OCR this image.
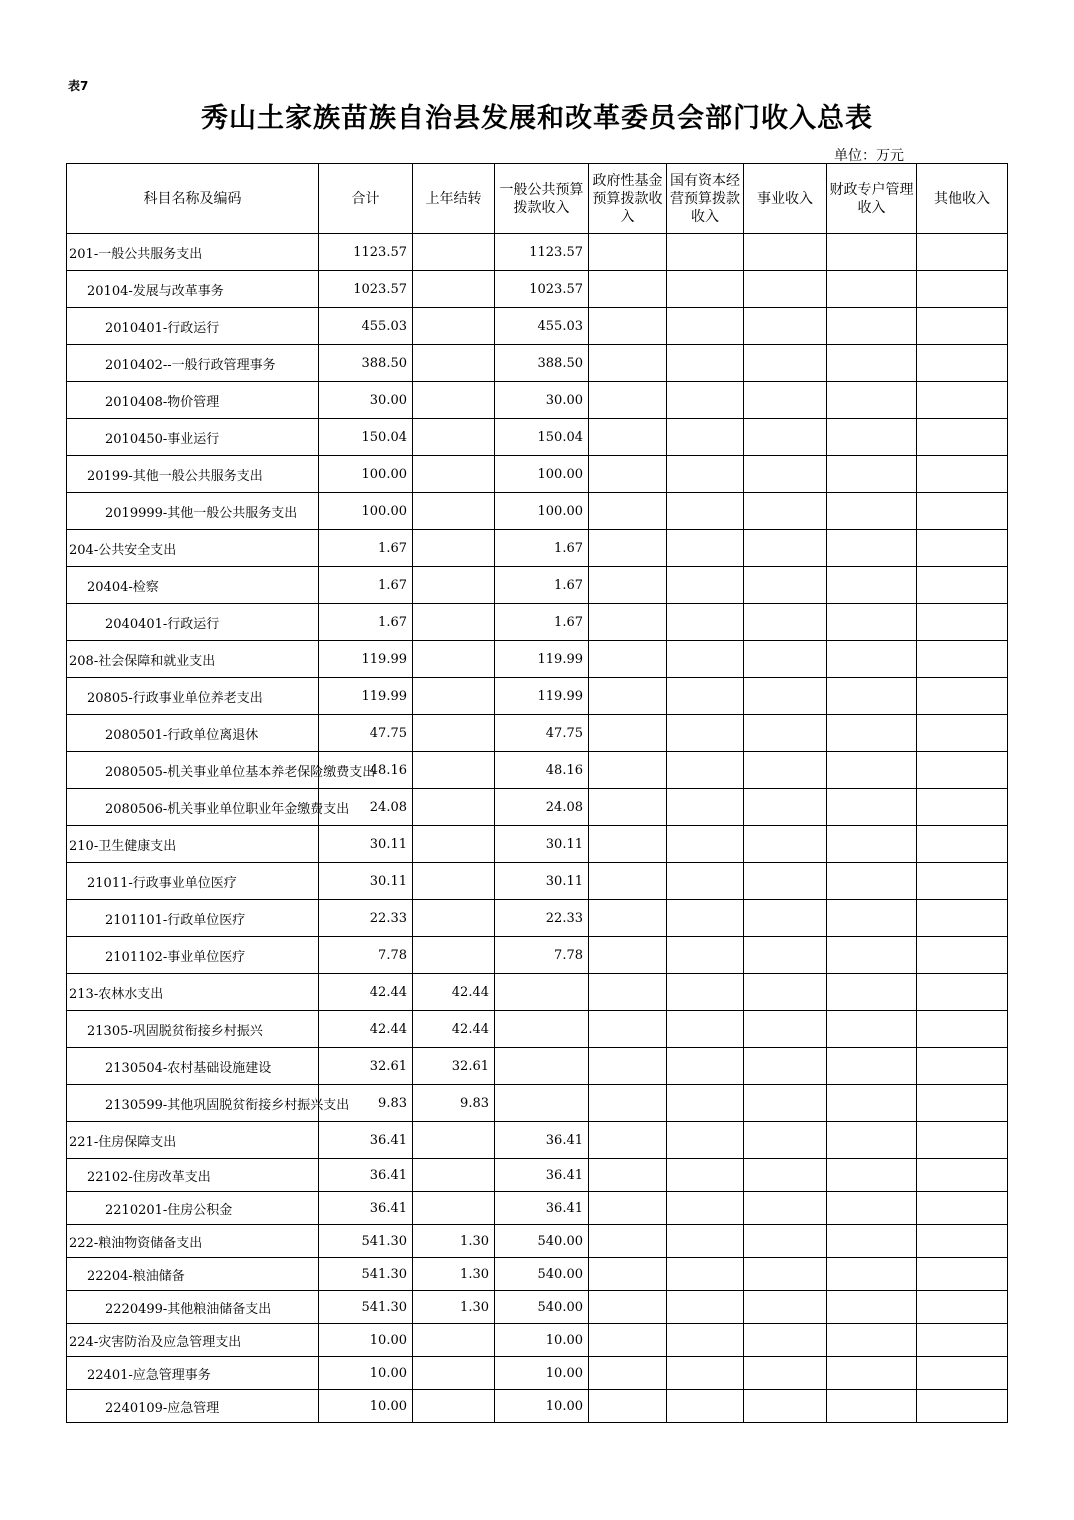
表7
秀山土家族苗族自治县发展和改革委员会部门收入总表
单位：万元
科目名称及编码	合计	上年结转	一般公共预算拨款收入	政府性基金预算拨款收入	国有资本经营预算拨款收入	事业收入	财政专户管理收入	其他收入
201-一般公共服务支出	1123.57		1123.57					
20104-发展与改革事务	1023.57		1023.57					
2010401-行政运行	455.03		455.03					
2010402--一般行政管理事务	388.50		388.50					
2010408-物价管理	30.00		30.00					
2010450-事业运行	150.04		150.04					
20199-其他一般公共服务支出	100.00		100.00					
2019999-其他一般公共服务支出	100.00		100.00					
204-公共安全支出	1.67		1.67					
20404-检察	1.67		1.67					
2040401-行政运行	1.67		1.67					
208-社会保障和就业支出	119.99		119.99					
20805-行政事业单位养老支出	119.99		119.99					
2080501-行政单位离退休	47.75		47.75					
2080505-机关事业单位基本养老保险缴费支出	48.16		48.16					
2080506-机关事业单位职业年金缴费支出	24.08		24.08					
210-卫生健康支出	30.11		30.11					
21011-行政事业单位医疗	30.11		30.11					
2101101-行政单位医疗	22.33		22.33					
2101102-事业单位医疗	7.78		7.78					
213-农林水支出	42.44	42.44						
21305-巩固脱贫衔接乡村振兴	42.44	42.44						
2130504-农村基础设施建设	32.61	32.61						
2130599-其他巩固脱贫衔接乡村振兴支出	9.83	9.83						
221-住房保障支出	36.41		36.41					
22102-住房改革支出	36.41		36.41					
2210201-住房公积金	36.41		36.41					
222-粮油物资储备支出	541.30	1.30	540.00					
22204-粮油储备	541.30	1.30	540.00					
2220499-其他粮油储备支出	541.30	1.30	540.00					
224-灾害防治及应急管理支出	10.00		10.00					
22401-应急管理事务	10.00		10.00					
2240109-应急管理	10.00		10.00					
